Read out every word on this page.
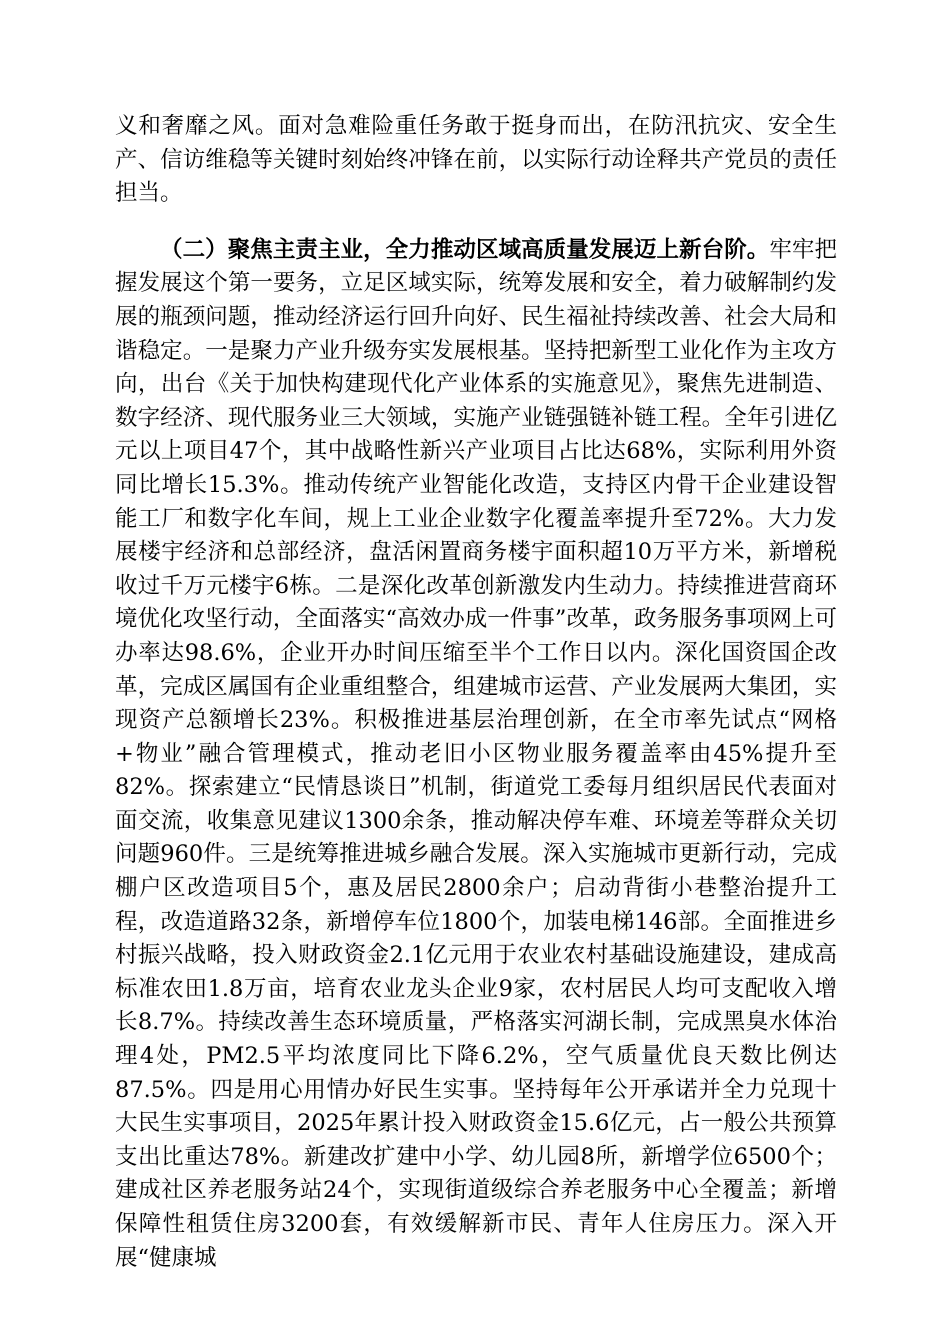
义和奢靡之风。面对急难险重任务敢于挺身而出，在防汛抗灾、安全生产、信访维稳等关键时刻始终冲锋在前，以实际行动诠释共产党员的责任担当。

（二）聚焦主责主业，全力推动区域高质量发展迈上新台阶。牢牢把握发展这个第一要务，立足区域实际，统筹发展和安全，着力破解制约发展的瓶颈问题，推动经济运行回升向好、民生福祉持续改善、社会大局和谐稳定。一是聚力产业升级夯实发展根基。坚持把新型工业化作为主攻方向，出台《关于加快构建现代化产业体系的实施意见》，聚焦先进制造、数字经济、现代服务业三大领域，实施产业链强链补链工程。全年引进亿元以上项目47个，其中战略性新兴产业项目占比达68%，实际利用外资同比增长15.3%。推动传统产业智能化改造，支持区内骨干企业建设智能工厂和数字化车间，规上工业企业数字化覆盖率提升至72%。大力发展楼宇经济和总部经济，盘活闲置商务楼宇面积超10万平方米，新增税收过千万元楼宇6栋。二是深化改革创新激发内生动力。持续推进营商环境优化攻坚行动，全面落实“高效办成一件事”改革，政务服务事项网上可办率达98.6%，企业开办时间压缩至半个工作日以内。深化国资国企改革，完成区属国有企业重组整合，组建城市运营、产业发展两大集团，实现资产总额增长23%。积极推进基层治理创新，在全市率先试点“网格+物业”融合管理模式，推动老旧小区物业服务覆盖率由45%提升至82%。探索建立“民情恳谈日”机制，街道党工委每月组织居民代表面对面交流，收集意见建议1300余条，推动解决停车难、环境差等群众关切问题960件。三是统筹推进城乡融合发展。深入实施城市更新行动，完成棚户区改造项目5个，惠及居民2800余户；启动背街小巷整治提升工程，改造道路32条，新增停车位1800个，加装电梯146部。全面推进乡村振兴战略，投入财政资金2.1亿元用于农业农村基础设施建设，建成高标准农田1.8万亩，培育农业龙头企业9家，农村居民人均可支配收入增长8.7%。持续改善生态环境质量，严格落实河湖长制，完成黑臭水体治理4处，PM2.5平均浓度同比下降6.2%，空气质量优良天数比例达87.5%。四是用心用情办好民生实事。坚持每年公开承诺并全力兑现十大民生实事项目，2025年累计投入财政资金15.6亿元，占一般公共预算支出比重达78%。新建改扩建中小学、幼儿园8所，新增学位6500个；建成社区养老服务站24个，实现街道级综合养老服务中心全覆盖；新增保障性租赁住房3200套，有效缓解新市民、青年人住房压力。深入开展“健康城
